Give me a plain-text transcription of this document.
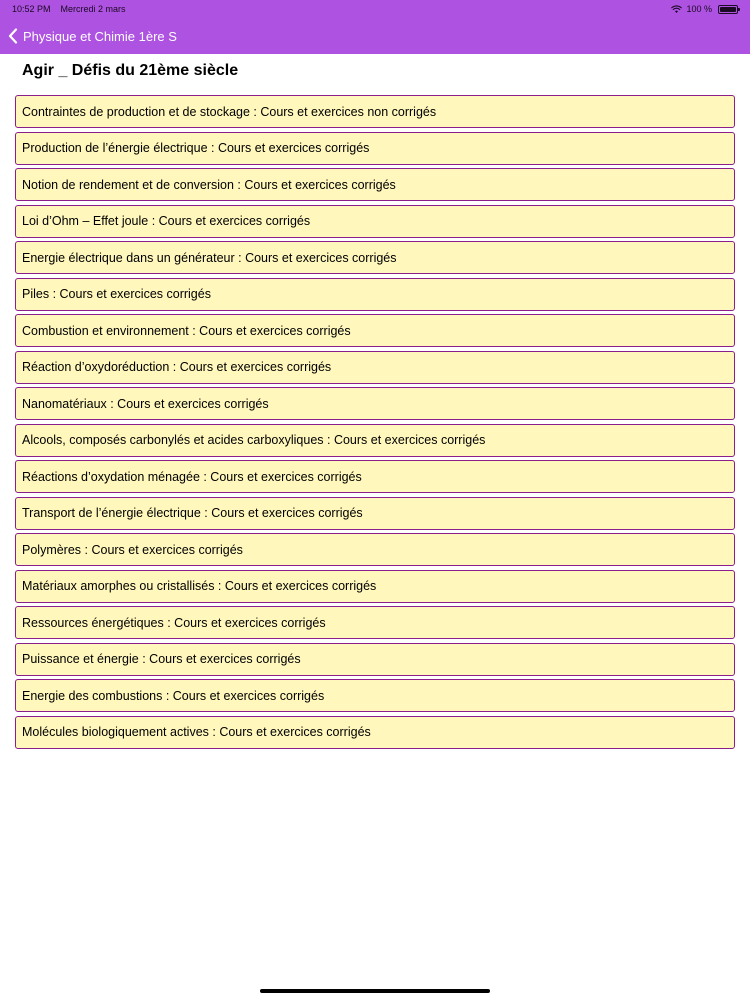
10:52 PM Mercredi 2 mars	100 %
Physique et Chimie 1ère S
Agir _ Défis du 21ème siècle
Contraintes de production et de stockage : Cours et exercices non corrigés
Production de l’énergie électrique : Cours et exercices corrigés
Notion de rendement et de conversion : Cours et exercices corrigés
Loi d’Ohm – Effet joule : Cours et exercices corrigés
Energie électrique dans un générateur : Cours et exercices corrigés
Piles : Cours et exercices corrigés
Combustion et environnement : Cours et exercices corrigés
Réaction d’oxydoréduction : Cours et exercices corrigés
Nanomatériaux : Cours et exercices corrigés
Alcools, composés carbonylés et acides carboxyliques : Cours et exercices corrigés
Réactions d’oxydation ménagée : Cours et exercices corrigés
Transport de l’énergie électrique : Cours et exercices corrigés
Polymères : Cours et exercices corrigés
Matériaux amorphes ou cristallisés : Cours et exercices corrigés
Ressources énergétiques : Cours et exercices corrigés
Puissance et énergie : Cours et exercices corrigés
Energie des combustions : Cours et exercices corrigés
Molécules biologiquement actives : Cours et exercices corrigés
